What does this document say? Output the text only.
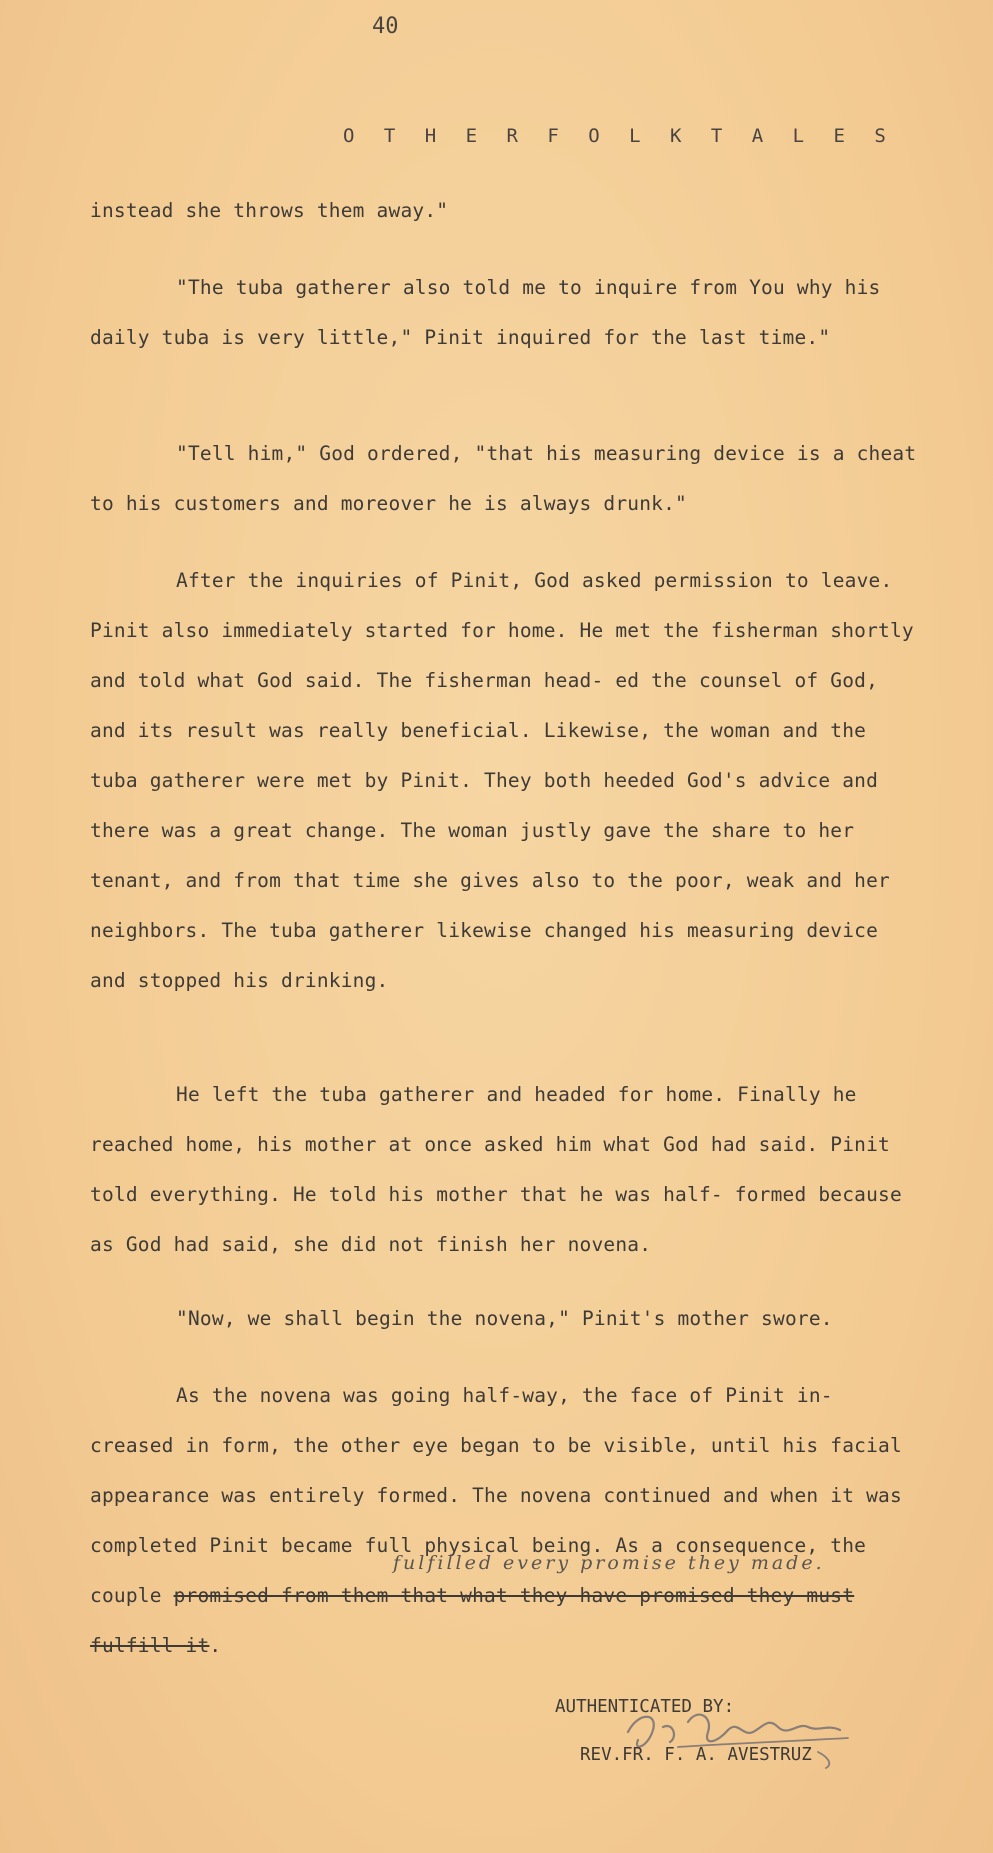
40
O T H E R F O L K T A L E S

instead she throws them away."

"The tuba gatherer also told me to inquire from You why his daily tuba is very little," Pinit inquired for the last time."

"Tell him," God ordered, "that his measuring device is a cheat to his customers and moreover he is always drunk."

After the inquiries of Pinit, God asked permission to leave. Pinit also immediately started for home. He met the fisherman shortly and told what God said. The fisherman head- ed the counsel of God, and its result was really beneficial. Likewise, the woman and the tuba gatherer were met by Pinit. They both heeded God's advice and there was a great change. The woman justly gave the share to her tenant, and from that time she gives also to the poor, weak and her neighbors. The tuba gatherer likewise changed his measuring device and stopped his drinking.

He left the tuba gatherer and headed for home. Finally he reached home, his mother at once asked him what God had said. Pinit told everything. He told his mother that he was half- formed because as God had said, she did not finish her novena.

"Now, we shall begin the novena," Pinit's mother swore.

As the novena was going half-way, the face of Pinit in- creased in form, the other eye began to be visible, until his facial appearance was entirely formed. The novena continued and when it was completed Pinit became full physical being. As a consequence, the couple promised from them that what they have promised they must fulfill it.

fulfilled every promise they made.
AUTHENTICATED BY:
REV.FR. F. A. AVESTRUZ
